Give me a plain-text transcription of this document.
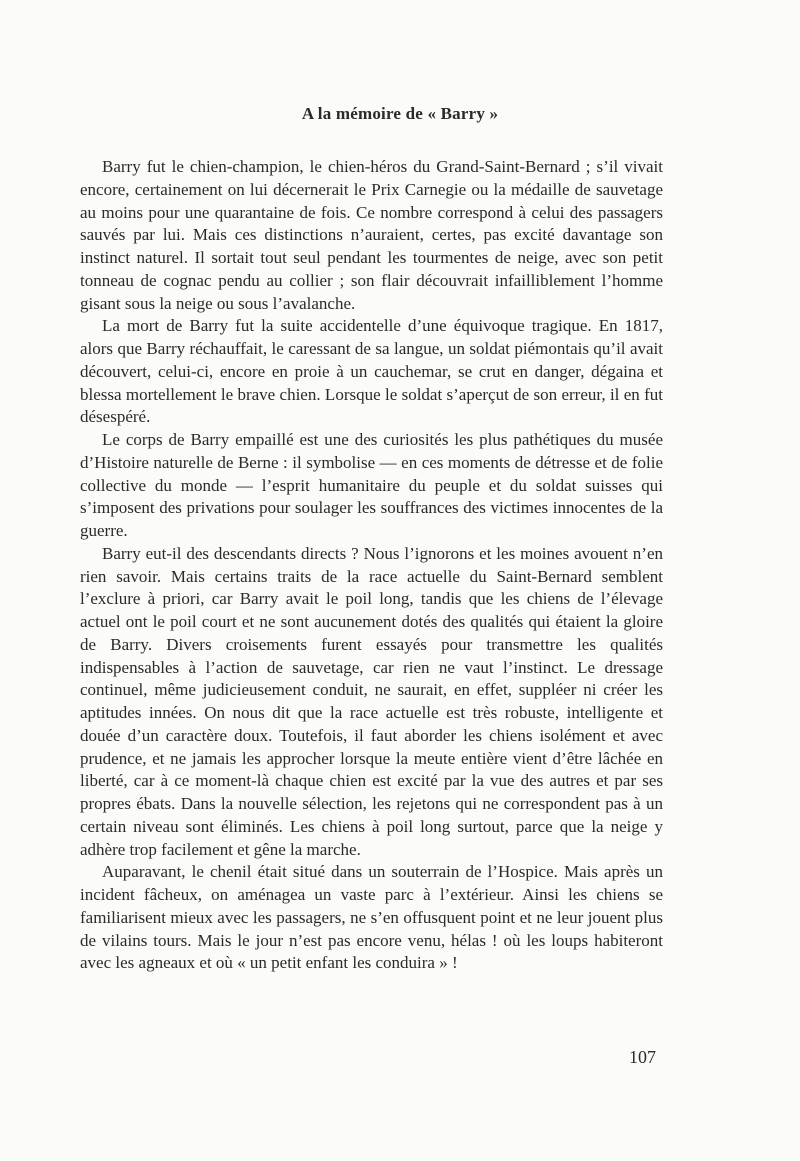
A la mémoire de « Barry »

Barry fut le chien-champion, le chien-héros du Grand-Saint-Bernard ; s’il vivait encore, certainement on lui décernerait le Prix Carnegie ou la médaille de sauvetage au moins pour une quarantaine de fois. Ce nombre correspond à celui des passagers sauvés par lui. Mais ces distinctions n’auraient, certes, pas excité davantage son instinct naturel. Il sortait tout seul pendant les tourmentes de neige, avec son petit tonneau de cognac pendu au collier ; son flair découvrait infailliblement l’homme gisant sous la neige ou sous l’avalanche.

La mort de Barry fut la suite accidentelle d’une équivoque tragique. En 1817, alors que Barry réchauffait, le caressant de sa langue, un soldat piémontais qu’il avait découvert, celui-ci, encore en proie à un cauchemar, se crut en danger, dégaina et blessa mortellement le brave chien. Lorsque le soldat s’aperçut de son erreur, il en fut désespéré.

Le corps de Barry empaillé est une des curiosités les plus pathétiques du musée d’Histoire naturelle de Berne : il symbolise — en ces moments de détresse et de folie collective du monde — l’esprit humanitaire du peuple et du soldat suisses qui s’imposent des privations pour soulager les souffrances des victimes innocentes de la guerre.

Barry eut-il des descendants directs ? Nous l’ignorons et les moines avouent n’en rien savoir. Mais certains traits de la race actuelle du Saint-Bernard semblent l’exclure à priori, car Barry avait le poil long, tandis que les chiens de l’élevage actuel ont le poil court et ne sont aucunement dotés des qualités qui étaient la gloire de Barry. Divers croisements furent essayés pour transmettre les qualités indispensables à l’action de sauvetage, car rien ne vaut l’instinct. Le dressage continuel, même judicieusement conduit, ne saurait, en effet, suppléer ni créer les aptitudes innées. On nous dit que la race actuelle est très robuste, intelligente et douée d’un caractère doux. Toutefois, il faut aborder les chiens isolément et avec prudence, et ne jamais les approcher lorsque la meute entière vient d’être lâchée en liberté, car à ce moment-là chaque chien est excité par la vue des autres et par ses propres ébats. Dans la nouvelle sélection, les rejetons qui ne correspondent pas à un certain niveau sont éliminés. Les chiens à poil long surtout, parce que la neige y adhère trop facilement et gêne la marche.

Auparavant, le chenil était situé dans un souterrain de l’Hospice. Mais après un incident fâcheux, on aménagea un vaste parc à l’extérieur. Ainsi les chiens se familiarisent mieux avec les passagers, ne s’en offusquent point et ne leur jouent plus de vilains tours. Mais le jour n’est pas encore venu, hélas ! où les loups habiteront avec les agneaux et où « un petit enfant les conduira » !

107
